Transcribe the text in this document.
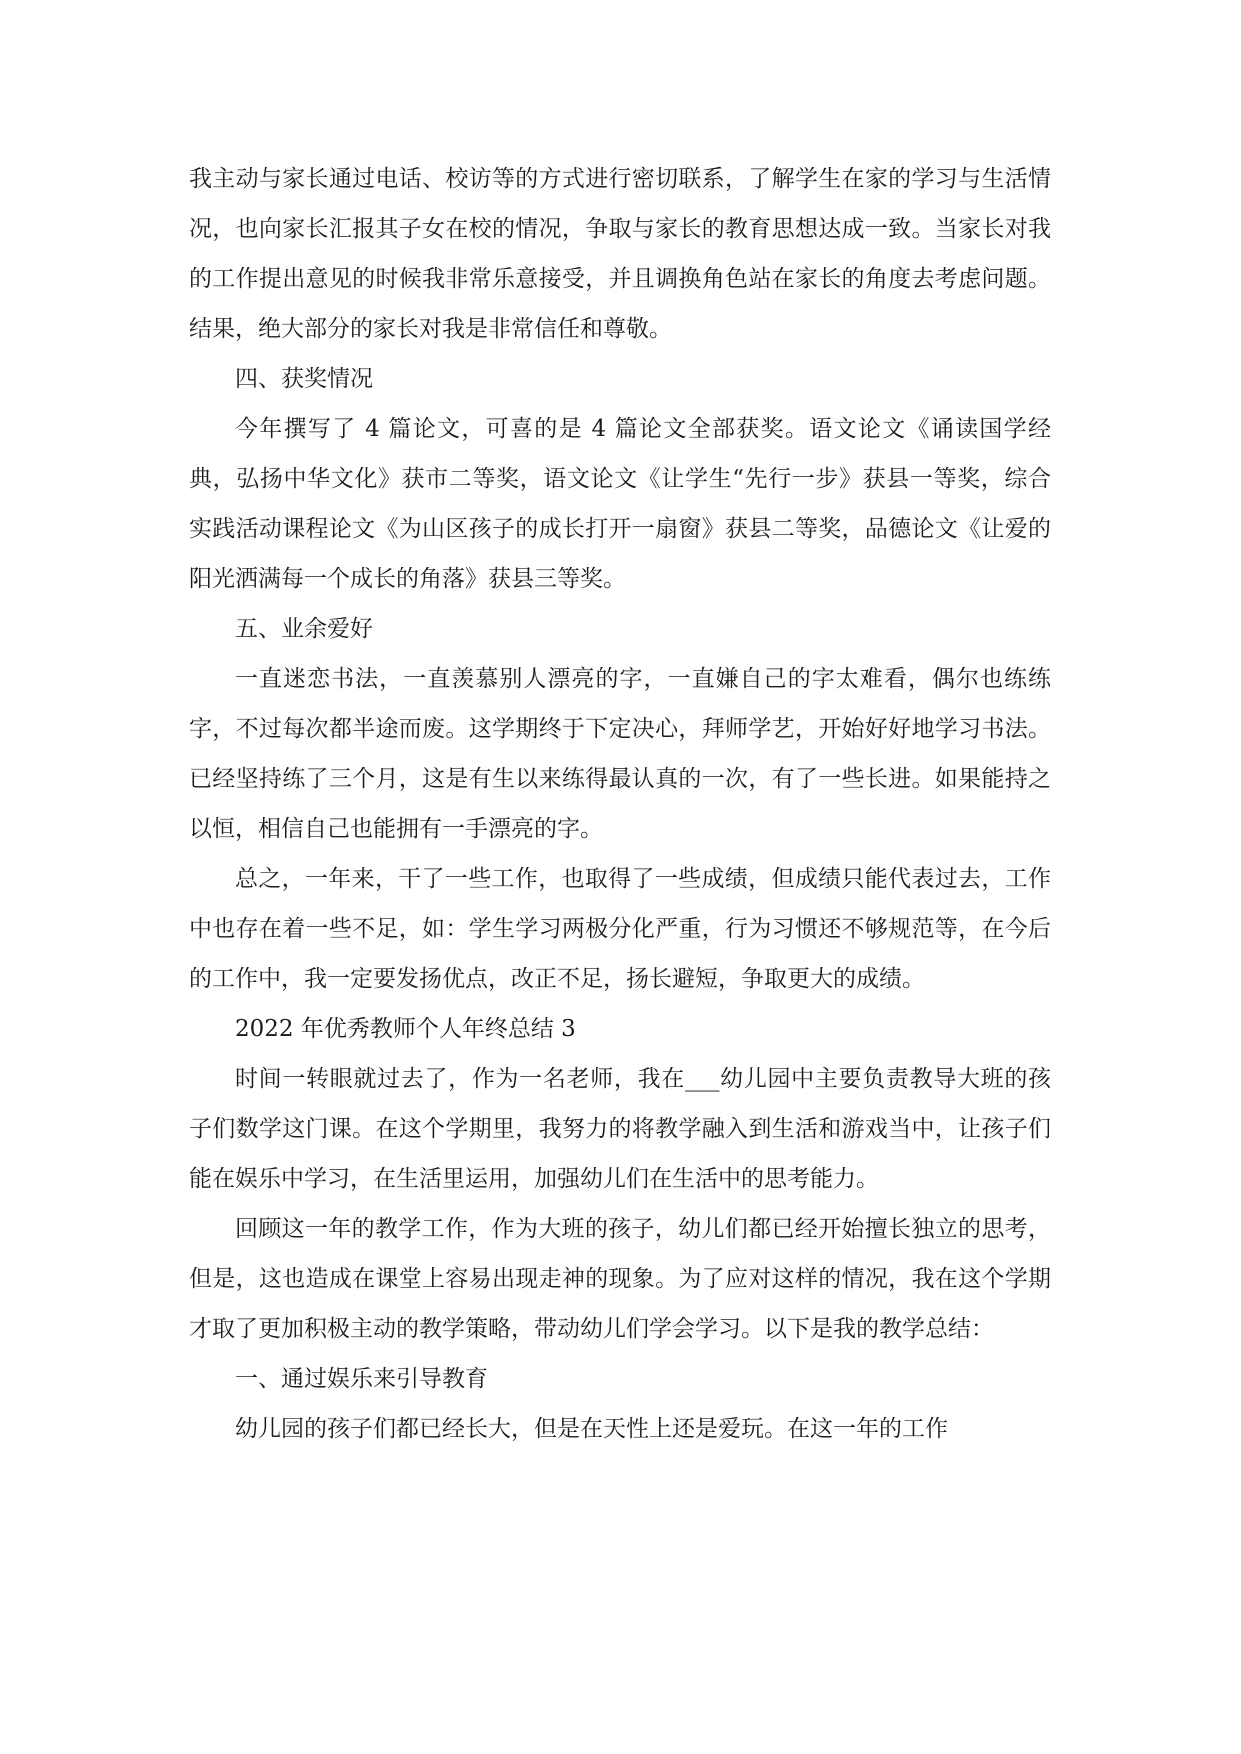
我主动与家长通过电话、校访等的方式进行密切联系，了解学生在家的学习与生活情况，也向家长汇报其子女在校的情况，争取与家长的教育思想达成一致。当家长对我的工作提出意见的时候我非常乐意接受，并且调换角色站在家长的角度去考虑问题。结果，绝大部分的家长对我是非常信任和尊敬。

四、获奖情况

今年撰写了 4 篇论文，可喜的是 4 篇论文全部获奖。语文论文《诵读国学经典，弘扬中华文化》获市二等奖，语文论文《让学生“先行一步》获县一等奖，综合实践活动课程论文《为山区孩子的成长打开一扇窗》获县二等奖，品德论文《让爱的阳光洒满每一个成长的角落》获县三等奖。

五、业余爱好

一直迷恋书法，一直羡慕别人漂亮的字，一直嫌自己的字太难看，偶尔也练练字，不过每次都半途而废。这学期终于下定决心，拜师学艺，开始好好地学习书法。已经坚持练了三个月，这是有生以来练得最认真的一次，有了一些长进。如果能持之以恒，相信自己也能拥有一手漂亮的字。

总之，一年来，干了一些工作，也取得了一些成绩，但成绩只能代表过去，工作中也存在着一些不足，如：学生学习两极分化严重，行为习惯还不够规范等，在今后的工作中，我一定要发扬优点，改正不足，扬长避短，争取更大的成绩。

2022 年优秀教师个人年终总结 3

时间一转眼就过去了，作为一名老师，我在___幼儿园中主要负责教导大班的孩子们数学这门课。在这个学期里，我努力的将教学融入到生活和游戏当中，让孩子们能在娱乐中学习，在生活里运用，加强幼儿们在生活中的思考能力。

回顾这一年的教学工作，作为大班的孩子，幼儿们都已经开始擅长独立的思考，但是，这也造成在课堂上容易出现走神的现象。为了应对这样的情况，我在这个学期才取了更加积极主动的教学策略，带动幼儿们学会学习。以下是我的教学总结：

一、通过娱乐来引导教育

幼儿园的孩子们都已经长大，但是在天性上还是爱玩。在这一年的工作
